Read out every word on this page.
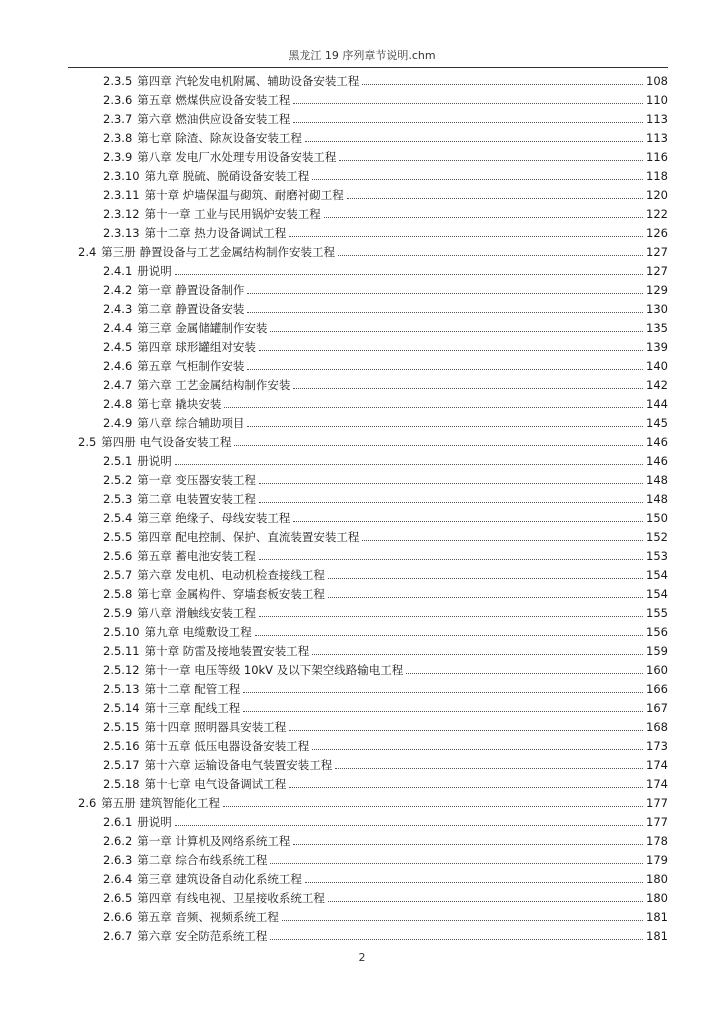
黑龙江 19 序列章节说明.chm
2.3.5 第四章 汽轮发电机附属、辅助设备安装工程	108
2.3.6 第五章 燃煤供应设备安装工程	110
2.3.7 第六章 燃油供应设备安装工程	113
2.3.8 第七章 除渣、除灰设备安装工程	113
2.3.9 第八章 发电厂水处理专用设备安装工程	116
2.3.10 第九章 脱硫、脱硝设备安装工程	118
2.3.11 第十章 炉墙保温与砌筑、耐磨衬砌工程	120
2.3.12 第十一章 工业与民用锅炉安装工程	122
2.3.13 第十二章 热力设备调试工程	126
2.4 第三册 静置设备与工艺金属结构制作安装工程	127
2.4.1 册说明	127
2.4.2 第一章 静置设备制作	129
2.4.3 第二章 静置设备安装	130
2.4.4 第三章 金属储罐制作安装	135
2.4.5 第四章 球形罐组对安装	139
2.4.6 第五章 气柜制作安装	140
2.4.7 第六章 工艺金属结构制作安装	142
2.4.8 第七章 撬块安装	144
2.4.9 第八章 综合辅助项目	145
2.5 第四册 电气设备安装工程	146
2.5.1 册说明	146
2.5.2 第一章 变压器安装工程	148
2.5.3 第二章 电装置安装工程	148
2.5.4 第三章 绝缘子、母线安装工程	150
2.5.5 第四章 配电控制、保护、直流装置安装工程	152
2.5.6 第五章 蓄电池安装工程	153
2.5.7 第六章 发电机、电动机检查接线工程	154
2.5.8 第七章 金属构件、穿墙套板安装工程	154
2.5.9 第八章 滑触线安装工程	155
2.5.10 第九章 电缆敷设工程	156
2.5.11 第十章 防雷及接地装置安装工程	159
2.5.12 第十一章 电压等级 10kV 及以下架空线路输电工程	160
2.5.13 第十二章 配管工程	166
2.5.14 第十三章 配线工程	167
2.5.15 第十四章 照明器具安装工程	168
2.5.16 第十五章 低压电器设备安装工程	173
2.5.17 第十六章 运输设备电气装置安装工程	174
2.5.18 第十七章 电气设备调试工程	174
2.6 第五册 建筑智能化工程	177
2.6.1 册说明	177
2.6.2 第一章 计算机及网络系统工程	178
2.6.3 第二章 综合布线系统工程	179
2.6.4 第三章 建筑设备自动化系统工程	180
2.6.5 第四章 有线电视、卫星接收系统工程	180
2.6.6 第五章 音频、视频系统工程	181
2.6.7 第六章 安全防范系统工程	181
2
